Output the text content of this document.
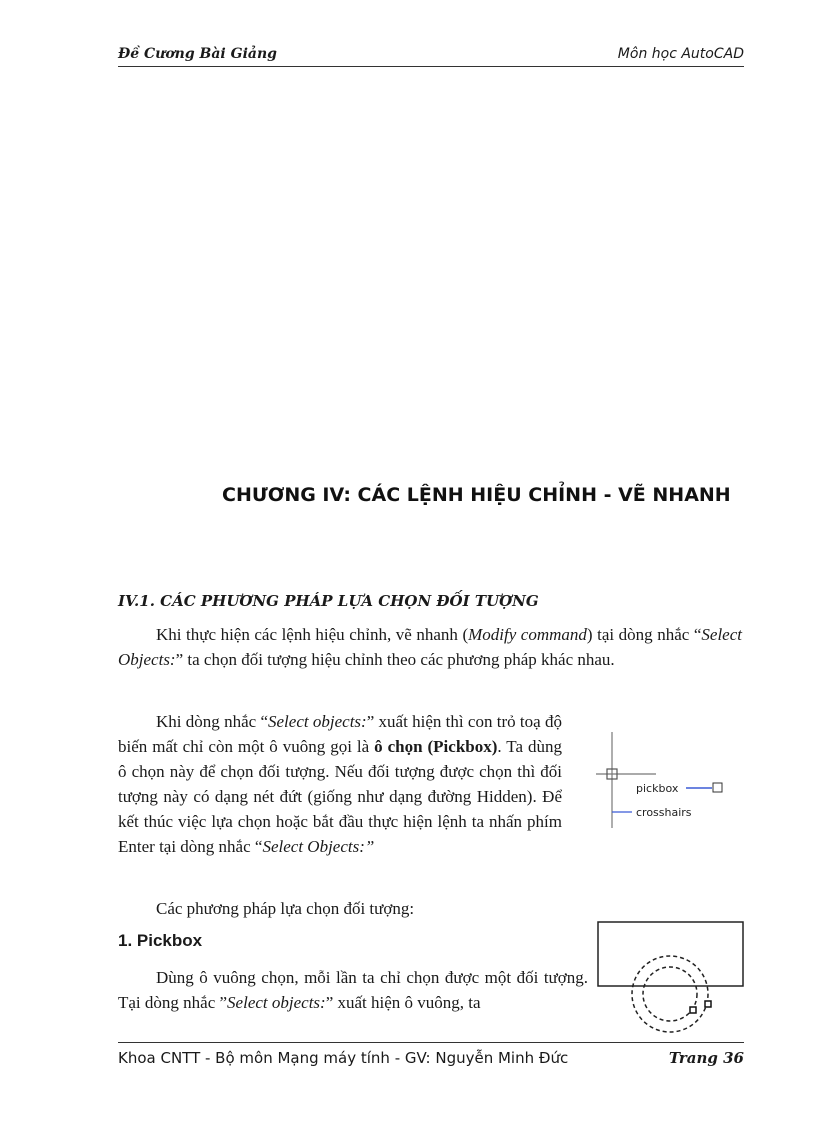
Đề Cương Bài Giảng	Môn học AutoCAD
CHƯƠNG IV: CÁC LỆNH HIỆU CHỈNH - VẼ NHANH
IV.1. CÁC PHƯƠNG PHÁP LỰA CHỌN ĐỐI TƯỢNG

Khi thực hiện các lệnh hiệu chỉnh, vẽ nhanh (Modify command) tại dòng nhắc “Select Objects:” ta chọn đối tượng hiệu chỉnh theo các phương pháp khác nhau.

Khi dòng nhắc “Select objects:” xuất hiện thì con trỏ toạ độ biến mất chỉ còn một ô vuông gọi là ô chọn (Pickbox). Ta dùng ô chọn này để chọn đối tượng. Nếu đối tượng được chọn thì đối tượng này có dạng nét đứt (giống như dạng đường Hidden). Để kết thúc việc lựa chọn hoặc bắt đầu thực hiện lệnh ta nhấn phím Enter tại dòng nhắc “Select Objects:”

pickbox
crosshairs

Các phương pháp lựa chọn đối tượng:

1. Pickbox

Dùng ô vuông chọn, mỗi lần ta chỉ chọn được một đối tượng. Tại dòng nhắc ”Select objects:” xuất hiện ô vuông, ta

Khoa CNTT - Bộ môn Mạng máy tính - GV: Nguyễn Minh Đức	Trang 36
